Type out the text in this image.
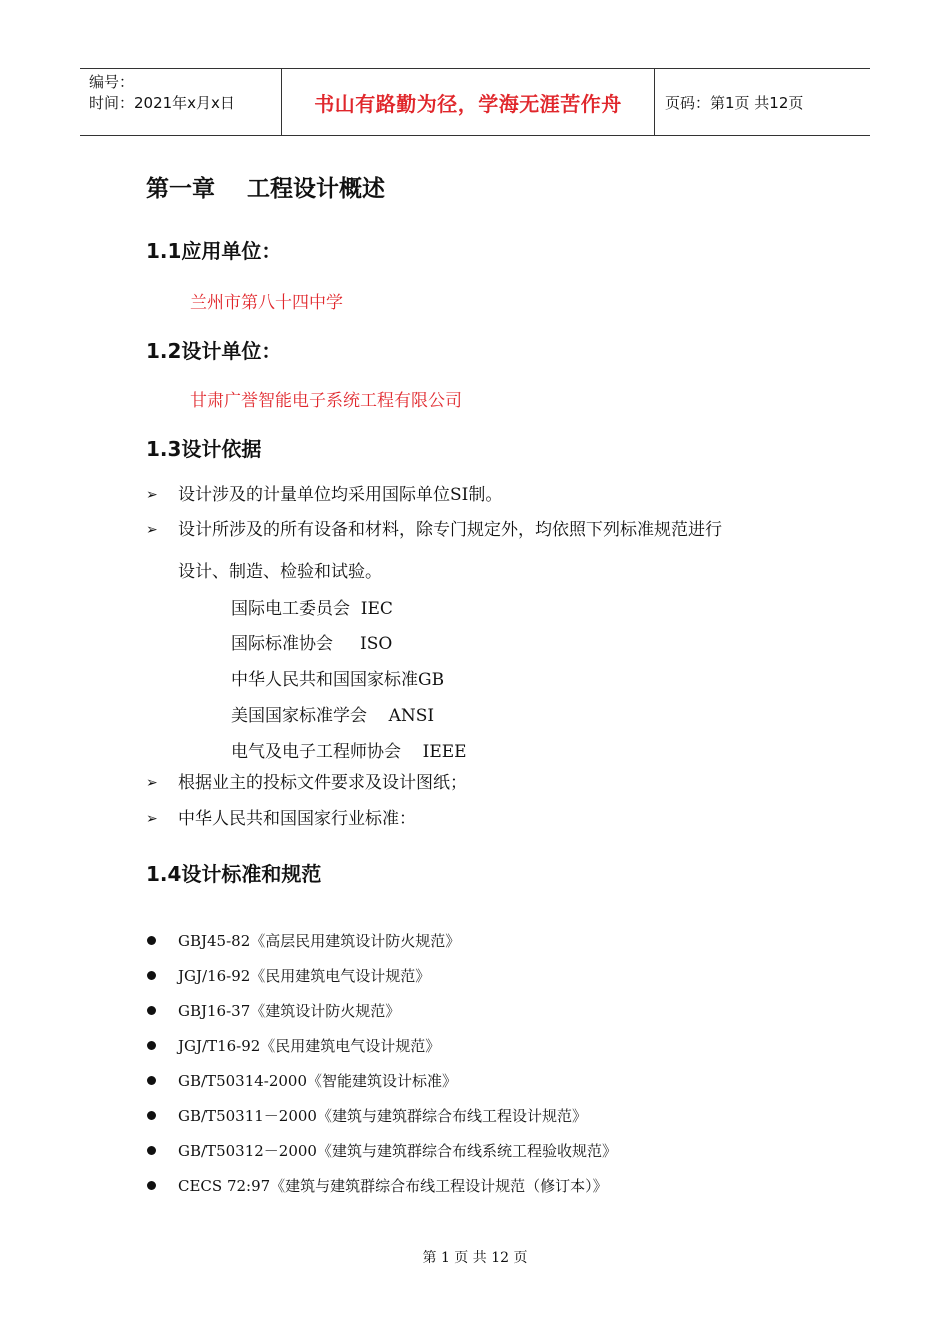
编号：
时间：2021年x月x日	书山有路勤为径，学海无涯苦作舟	页码：第1页 共12页
第一章    工程设计概述
1.1应用单位：
兰州市第八十四中学
1.2设计单位：
甘肃广誉智能电子系统工程有限公司
1.3设计依据
➢	设计涉及的计量单位均采用国际单位SI制。
➢	设计所涉及的所有设备和材料，除专门规定外，均依照下列标准规范进行
设计、制造、检验和试验。
国际电工委员会  IEC
国际标准协会     ISO
中华人民共和国国家标准GB
美国国家标准学会    ANSI
电气及电子工程师协会    IEEE
➢	根据业主的投标文件要求及设计图纸；
➢	中华人民共和国国家行业标准：
1.4设计标准和规范
GBJ45-82《高层民用建筑设计防火规范》
JGJ/16-92《民用建筑电气设计规范》
GBJ16-37《建筑设计防火规范》
JGJ/T16-92《民用建筑电气设计规范》
GB/T50314-2000《智能建筑设计标准》
GB/T50311－2000《建筑与建筑群综合布线工程设计规范》
GB/T50312－2000《建筑与建筑群综合布线系统工程验收规范》
CECS 72:97《建筑与建筑群综合布线工程设计规范（修订本）》
第 1 页 共 12 页
